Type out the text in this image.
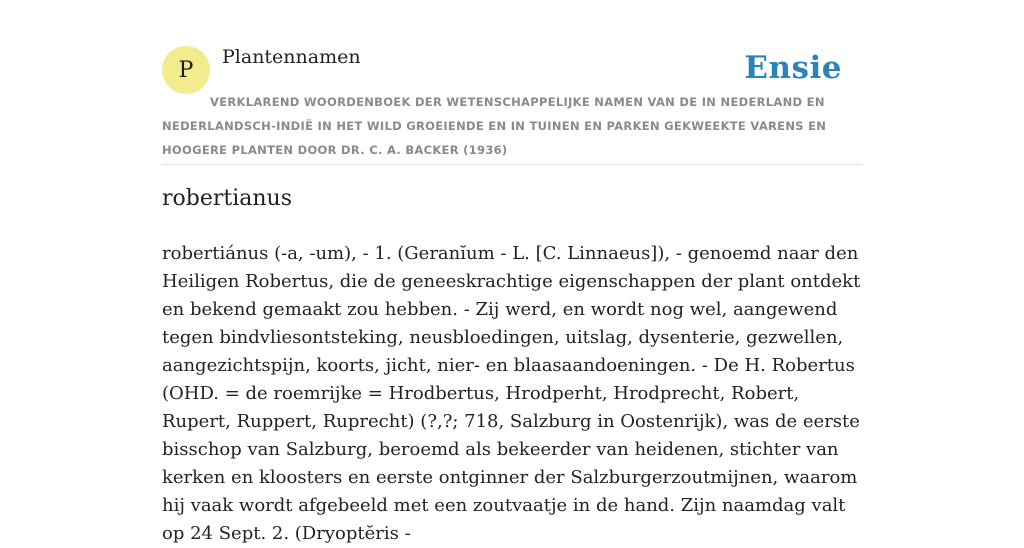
P
Plantennamen	Ensie
VERKLAREND WOORDENBOEK DER WETENSCHAPPELIJKE NAMEN VAN DE IN NEDERLAND EN NEDERLANDSCH-INDIË IN HET WILD GROEIENDE EN IN TUINEN EN PARKEN GEKWEEKTE VARENS EN HOOGERE PLANTEN DOOR DR. C. A. BACKER (1936)
robertianus

robertiánus (-a, -um), - 1. (Geranĭum - L. [C. Linnaeus]), - genoemd naar den Heiligen Robertus, die de geneeskrachtige eigenschappen der plant ontdekt en bekend gemaakt zou hebben. - Zij werd, en wordt nog wel, aangewend tegen bindvliesontsteking, neusbloedingen, uitslag, dysenterie, gezwellen, aangezichtspijn, koorts, jicht, nier- en blaasaandoeningen. - De H. Robertus (OHD. = de roemrijke = Hrodbertus, Hrodperht, Hrodprecht, Robert, Rupert, Ruppert, Ruprecht) (?,?; 718, Salzburg in Oostenrijk), was de eerste bisschop van Salzburg, beroemd als bekeerder van heidenen, stichter van kerken en kloosters en eerste ontginner der Salzburgerzoutmijnen, waarom hij vaak wordt afgebeeld met een zoutvaatje in de hand. Zijn naamdag valt op 24 Sept. 2. (Dryoptĕris -
